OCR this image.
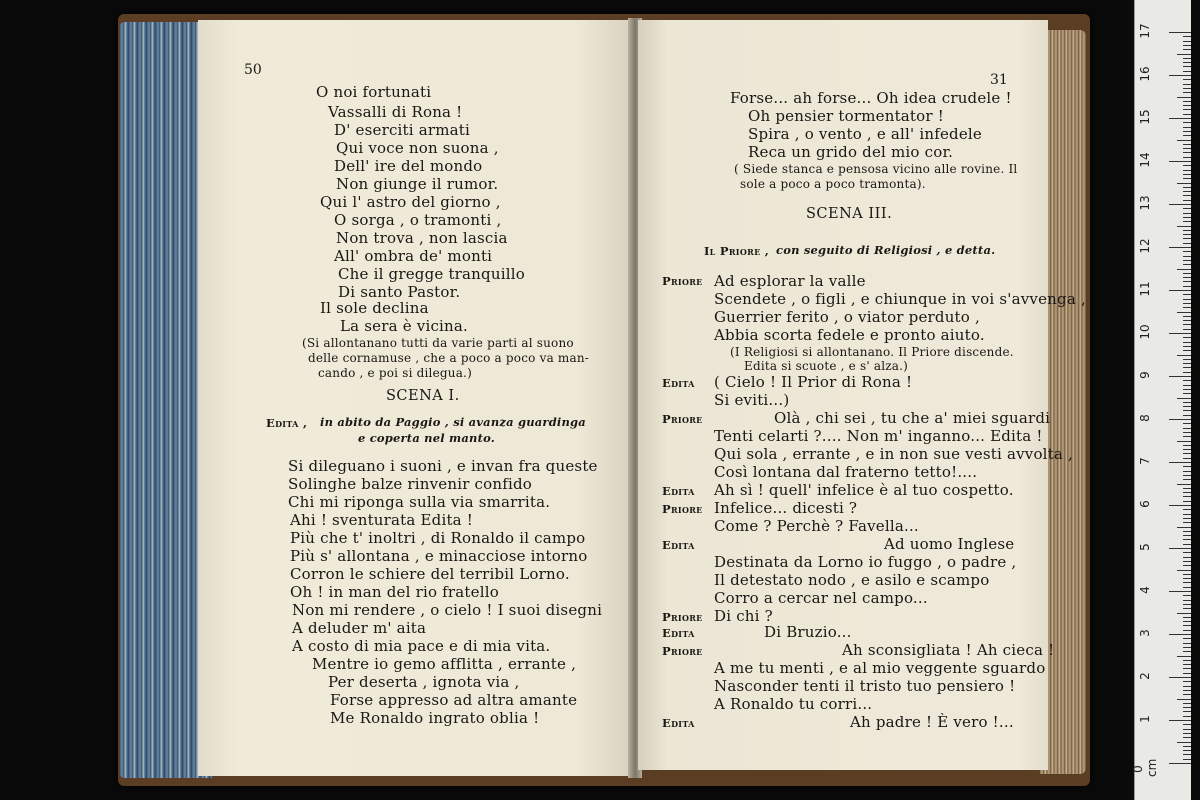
50
O noi fortunati
Vassalli di Rona !
D' eserciti armati
Qui voce non suona ,
Dell' ire del mondo
Non giunge il rumor.
Qui l' astro del giorno ,
O sorga , o tramonti ,
Non trova , non lascia
All' ombra de' monti
Che il gregge tranquillo
Di santo Pastor.
Il sole declina
La sera è vicina.
(Si allontanano tutti da varie parti al suono
delle cornamuse , che a poco a poco va man-
cando , e poi si dilegua.)
SCENA I.
Edita , in abito da Paggio , si avanza guardinga
e coperta nel manto.
Si dileguano i suoni , e invan fra queste
Solinghe balze rinvenir confido
Chi mi riponga sulla via smarrita.
Ahi ! sventurata Edita !
Più che t' inoltri , di Ronaldo il campo
Più s' allontana , e minacciose intorno
Corron le schiere del terribil Lorno.
Oh ! in man del rio fratello
Non mi rendere , o cielo ! I suoi disegni
A deluder m' aita
A costo di mia pace e di mia vita.
Mentre io gemo afflitta , errante ,
Per deserta , ignota via ,
Forse appresso ad altra amante
Me Ronaldo ingrato oblia !
31
Forse... ah forse... Oh idea crudele !
Oh pensier tormentator !
Spira , o vento , e all' infedele
Reca un grido del mio cor.
( Siede stanca e pensosa vicino alle rovine. Il
sole a poco a poco tramonta).
SCENA III.
Il Priore , con seguito di Religiosi , e detta.
Priore Ad esplorar la valle
Scendete , o figli , e chiunque in voi s'avvenga ,
Guerrier ferito , o viator perduto ,
Abbia scorta fedele e pronto aiuto.
(I Religiosi si allontanano. Il Priore discende.
Edita si scuote , e s' alza.)
Edita ( Cielo ! Il Prior di Rona !
Si eviti...)
Priore	Olà , chi sei , tu che a' miei sguardi
Tenti celarti ?.... Non m' inganno... Edita !
Qui sola , errante , e in non sue vesti avvolta ,
Così lontana dal fraterno tetto!....
Edita Ah sì ! quell' infelice è al tuo cospetto.
Priore Infelice... dicesti ?
Come ? Perchè ? Favella...
Edita	Ad uomo Inglese
Destinata da Lorno io fuggo , o padre ,
Il detestato nodo , e asilo e scampo
Corro a cercar nel campo...
Priore Di chi ?
Edita	Di Bruzio...
Priore	Ah sconsigliata ! Ah cieca !
A me tu menti , e al mio veggente sguardo
Nasconder tenti il tristo tuo pensiero !
A Ronaldo tu corri...
Edita	Ah padre ! È vero !...
17
16
15
14
13
12
11
10
9
8
7
6
5
4
3
2
1
0 cm
